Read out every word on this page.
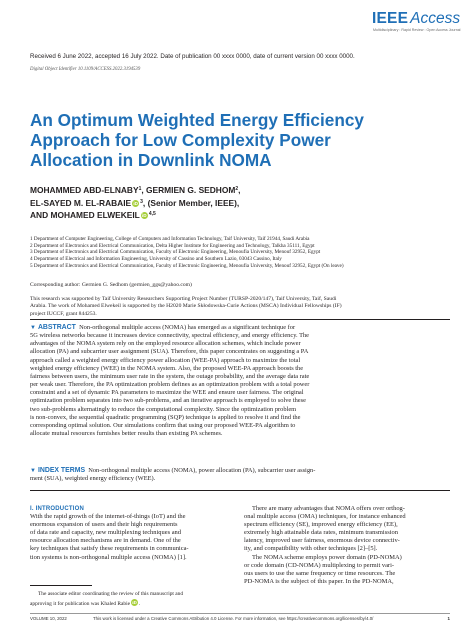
IEEE Access
Multidisciplinary : Rapid Review : Open Access Journal
Received 6 June 2022, accepted 16 July 2022. Date of publication 00 xxxx 0000, date of current version 00 xxxx 0000.
Digital Object Identifier 10.1109/ACCESS.2022.3194539
An Optimum Weighted Energy Efficiency
Approach for Low Complexity Power
Allocation in Downlink NOMA
MOHAMMED ABD-ELNABY$^1$, GERMIEN G. SEDHOM$^2$,
EL-SAYED M. EL-RABAIE iD $^3$, (Senior Member, IEEE),
AND MOHAMED ELWEKEIL iD $^{4,5}$
1 Department of Computer Engineering, College of Computers and Information Technology, Taif University, Taif 21944, Saudi Arabia
2 Department of Electronics and Electrical Communication, Delta Higher Institute for Engineering and Technology, Talkha 35111, Egypt
3 Department of Electronics and Electrical Communication, Faculty of Electronic Engineering, Menoufia University, Menouf 32952, Egypt
4 Department of Electrical and Information Engineering, University of Cassino and Southern Lazio, 03043 Cassino, Italy
5 Department of Electronics and Electrical Communication, Faculty of Electronic Engineering, Menoufia University, Menouf 32952, Egypt (On leave)
Corresponding author: Germien G. Sedhom (germien_ggs@yahoo.com)
This research was supported by Taif University Researchers Supporting Project Number (TURSP-2020/147), Taif University, Taif, Saudi
Arabia. The work of Mohamed Elwekeil is supported by the H2020 Marie Skłodowska-Curie Actions (MSCA) Individual Fellowships (IF)
project IUCCF, grant 844253.
▼ ABSTRACT Non-orthogonal multiple access (NOMA) has emerged as a significant technique for
5G wireless networks because it increases device connectivity, spectral efficiency, and energy efficiency. The
advantages of the NOMA system rely on the employed resource allocation schemes, which include power
allocation (PA) and subcarrier user assignment (SUA). Therefore, this paper concentrates on suggesting a PA
approach called a weighted energy efficiency power allocation (WEE-PA) approach to maximize the total
weighted energy efficiency (WEE) in the NOMA system. Also, the proposed WEE-PA approach boosts the
fairness between users, the minimum user rate in the system, the outage probability, and the average data rate
per weak user. Therefore, the PA optimization problem defines as an optimization problem with a total power
constraint and a set of dynamic PA parameters to maximize the WEE and ensure user fairness. The original
optimization problem separates into two sub-problems, and an iterative approach is employed to solve these
two sub-problems alternatingly to reduce the computational complexity. Since the optimization problem
is non-convex, the sequential quadratic programming (SQP) technique is applied to resolve it and find the
corresponding optimal solution. Our simulations confirm that using our proposed WEE-PA algorithm to
allocate mutual resources furnishes better results than existing PA schemes.
▼ INDEX TERMS Non-orthogonal multiple access (NOMA), power allocation (PA), subcarrier user assign-
ment (SUA), weighted energy efficiency (WEE).
I. INTRODUCTION
With the rapid growth of the internet-of-things (IoT) and the
enormous expansion of users and their high requirements
of data rate and capacity, new multiplexing techniques and
resource allocation mechanisms are in demand. One of the
key techniques that satisfy these requirements in communica-
tion systems is non-orthogonal multiple access (NOMA) [1].
The associate editor coordinating the review of this manuscript and
approving it for publication was Khaled Rabie iD .
There are many advantages that NOMA offers over orthog-
onal multiple access (OMA) techniques, for instance enhanced
spectrum efficiency (SE), improved energy efficiency (EE),
extremely high attainable data rates, minimum transmission
latency, improved user fairness, enormous device connectiv-
ity, and compatibility with other techniques [2]–[5].
The NOMA scheme employs power domain (PD-NOMA)
or code domain (CD-NOMA) multiplexing to permit vari-
ous users to use the same frequency or time resources. The
PD-NOMA is the subject of this paper. In the PD-NOMA,
VOLUME 10, 2022	This work is licensed under a Creative Commons Attribution 4.0 License. For more information, see https://creativecommons.org/licenses/by/4.0/	1
